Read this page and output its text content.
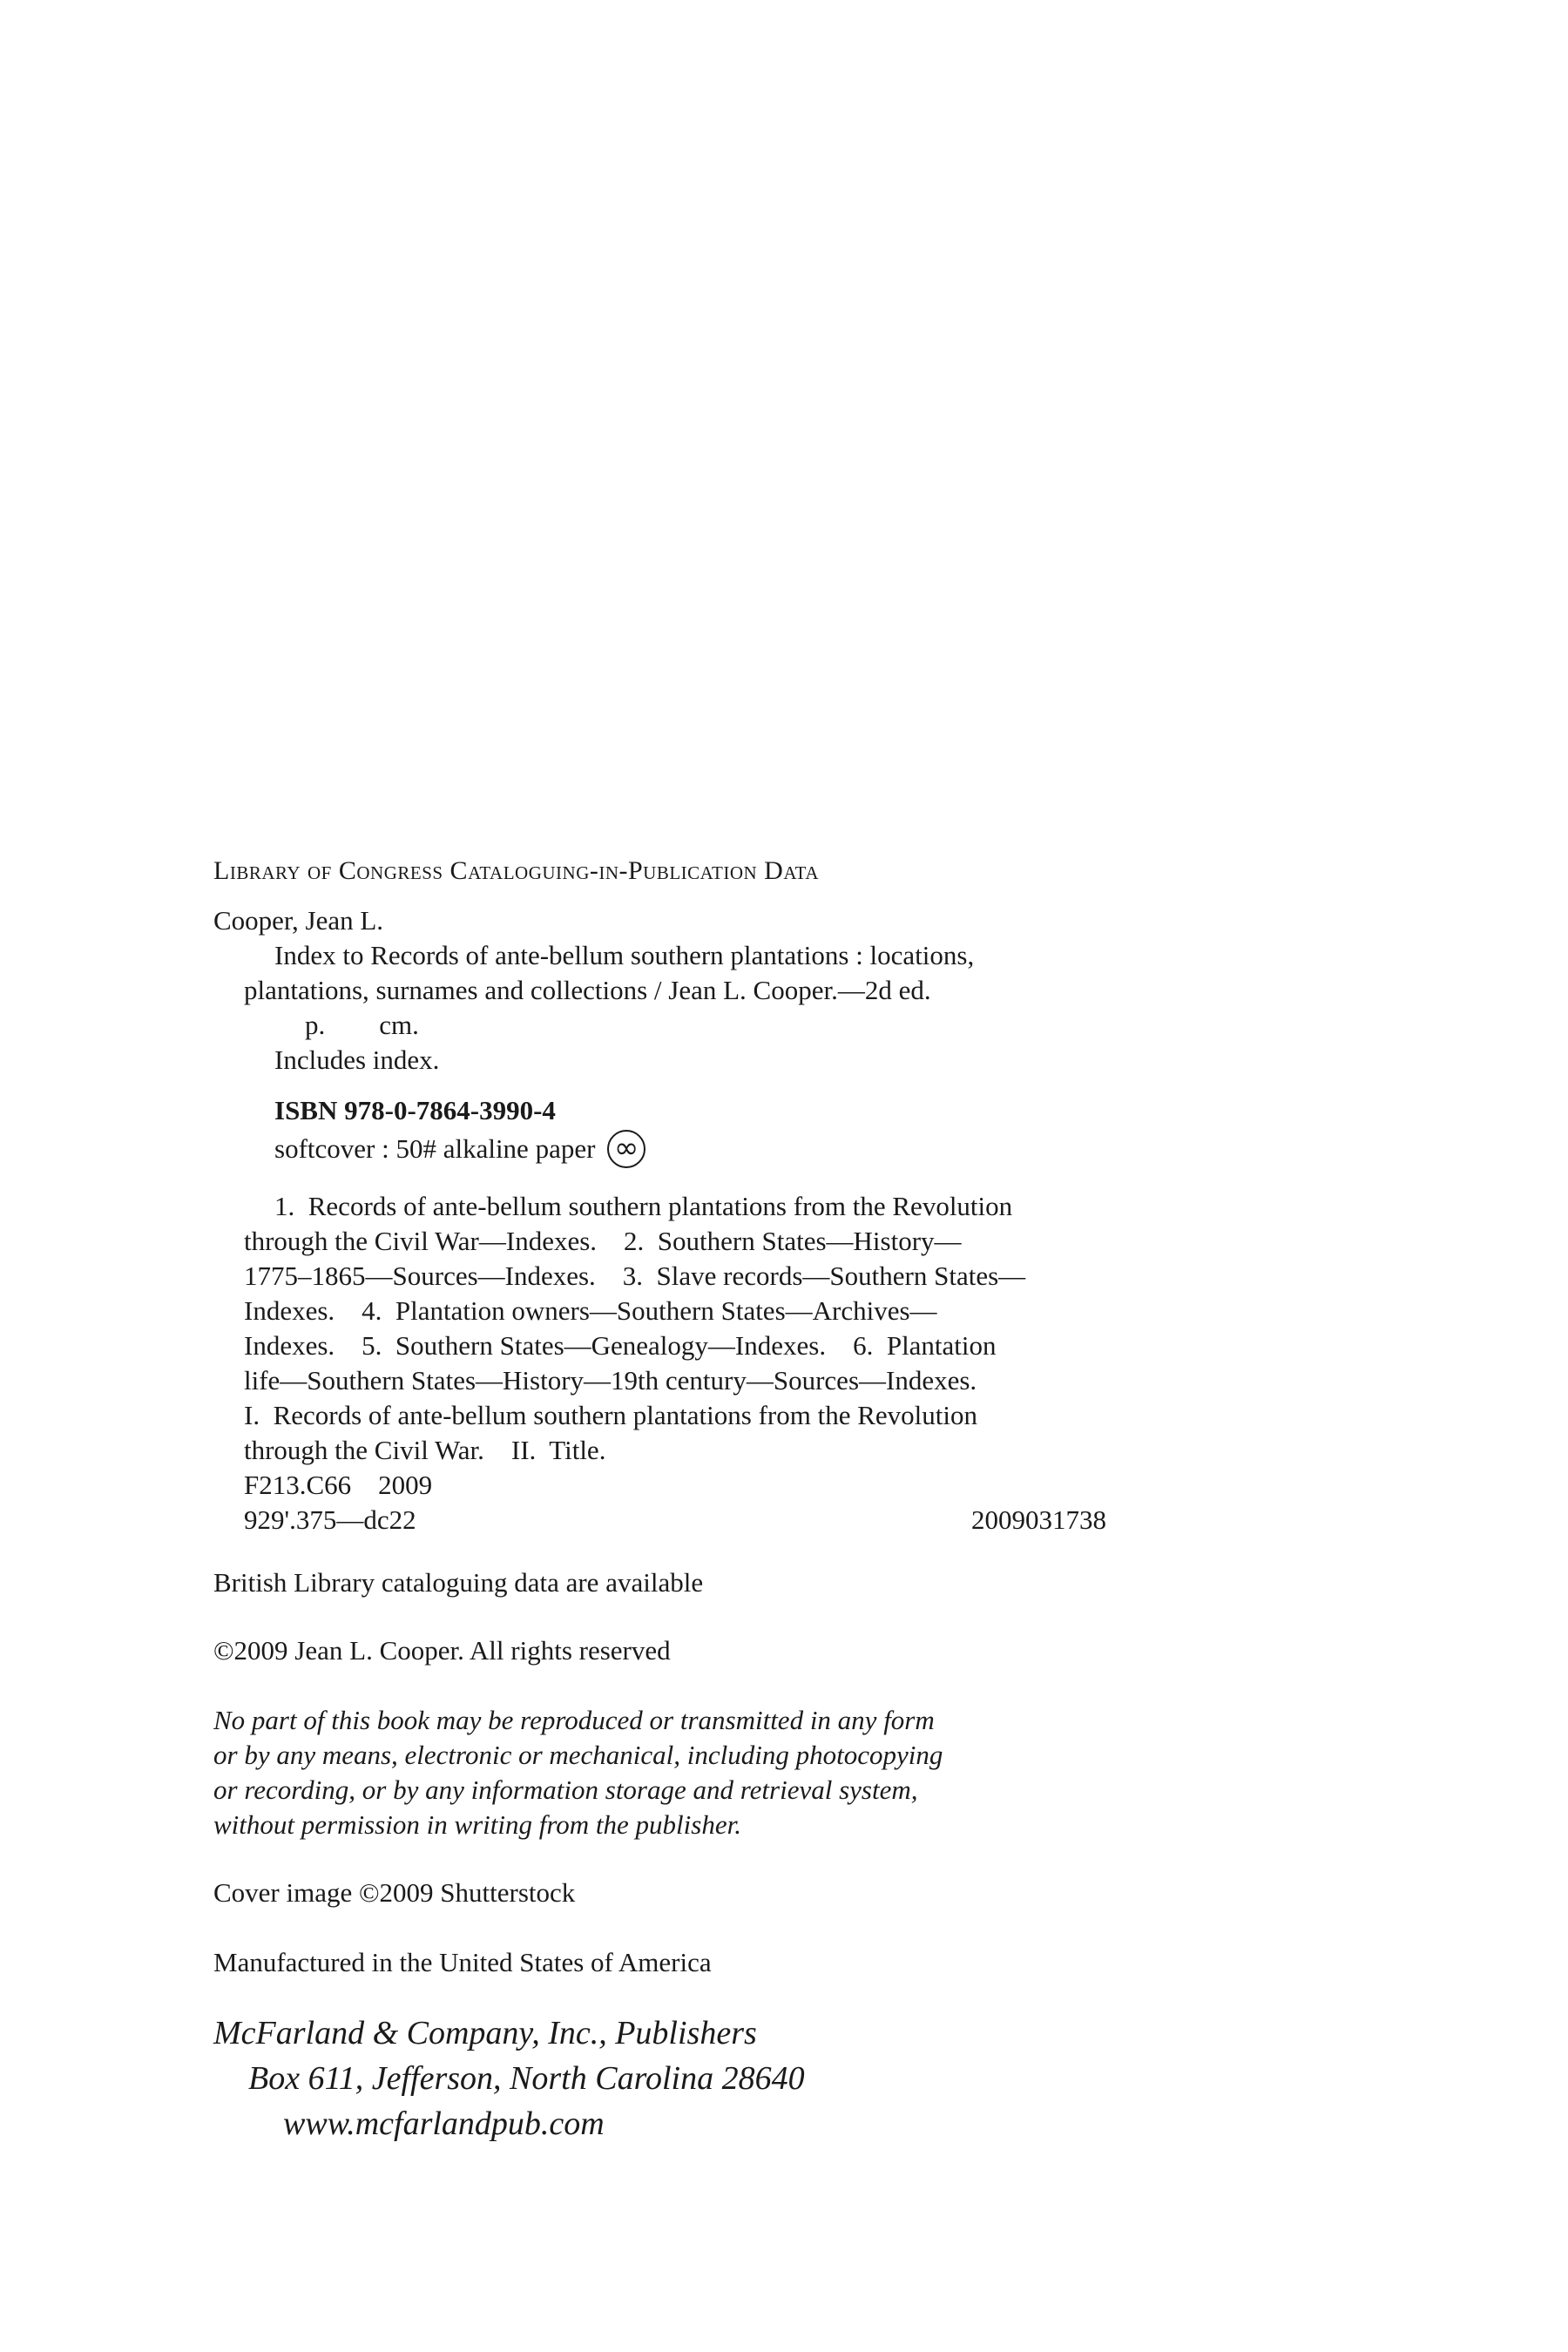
Library of Congress Cataloguing-in-Publication Data
Cooper, Jean L.
Index to Records of ante-bellum southern plantations : locations,
plantations, surnames and collections / Jean L. Cooper.—2d ed.
p.        cm.
Includes index.
ISBN 978-0-7864-3990-4
softcover : 50# alkaline paper ∞
1.  Records of ante-bellum southern plantations from the Revolution
through the Civil War—Indexes.    2.  Southern States—History—
1775–1865—Sources—Indexes.    3.  Slave records—Southern States—
Indexes.    4.  Plantation owners—Southern States—Archives—
Indexes.    5.  Southern States—Genealogy—Indexes.    6.  Plantation
life—Southern States—History—19th century—Sources—Indexes.
I.  Records of ante-bellum southern plantations from the Revolution
through the Civil War.    II.  Title.
F213.C66    2009
929'.375—dc22	2009031738
British Library cataloguing data are available
©2009 Jean L. Cooper. All rights reserved
No part of this book may be reproduced or transmitted in any form
or by any means, electronic or mechanical, including photocopying
or recording, or by any information storage and retrieval system,
without permission in writing from the publisher.
Cover image ©2009 Shutterstock
Manufactured in the United States of America
McFarland & Company, Inc., Publishers
Box 611, Jefferson, North Carolina 28640
www.mcfarlandpub.com
